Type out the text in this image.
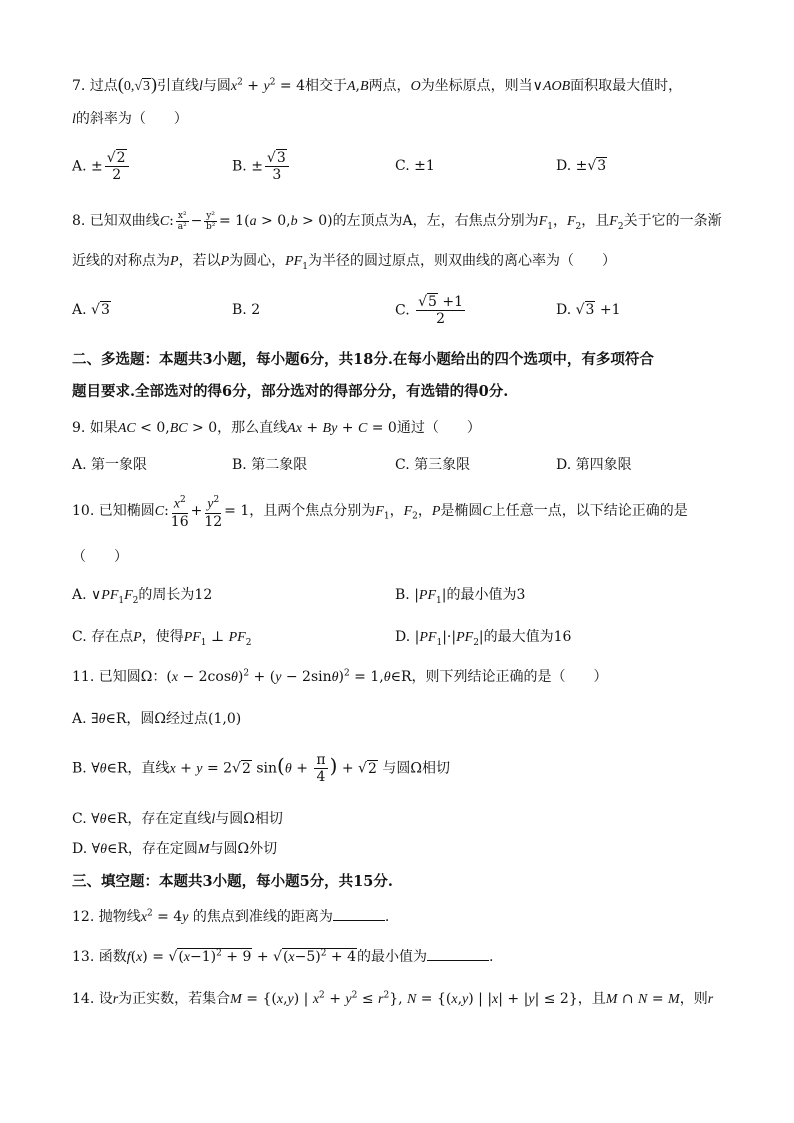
7. 过点(0,√3)引直线l与圆$x^2 + y^2 = 4$相交于A,B两点，O为坐标原点，则当∨AOB面积取最大值时，
l的斜率为（　　）
A. ± $\frac{√2}{2}$	B. ± $\frac{√3}{3}$	C. ±1	D. ±√3
8. 已知双曲线C: $\frac{\text{x²}}{\text{a²}} - \frac{\text{y²}}{\text{b²}} = 1(a > 0,b > 0)$的左顶点为A，左，右焦点分别为$F_1$，$F_2$，且$F_2$关于它的一条渐
近线的对称点为P，若以P为圆心，$PF_1$为半径的圆过原点，则双曲线的离心率为（　　）
A. √3	B. 2	C. $\frac{√5 +1}{2}$	D. √3 +1
二、多选题：本题共3小题，每小题6分，共18分.在每小题给出的四个选项中，有多项符合
题目要求.全部选对的得6分，部分选对的得部分分，有选错的得0分.
9. 如果AC < 0,BC > 0，那么直线Ax + By + C = 0通过（　　）
A. 第一象限	B. 第二象限	C. 第三象限	D. 第四象限
10. 已知椭圆C: $\frac{x^2}{16} + \frac{y^2}{12} = 1$，且两个焦点分别为$F_1$，$F_2$，P是椭圆C上任意一点，以下结论正确的是
（　　）
A. $\vee PF_1F_2$的周长为12	B. $|PF_1|$的最小值为3
C. 存在点P，使得$PF_1$ ⊥ $PF_2$	D. $|PF_1|\cdot|PF_2|$的最大值为16
11. 已知圆Ω：$(x - 2\cos\theta)^2 + (y - 2\sin\theta)^2$ = 1,θ∈R，则下列结论正确的是（　　）
A. ∃θ∈R，圆Ω经过点(1,0)
B. ∀θ∈R，直线x + y = 2√2 $\sin(\theta + \frac{\pi}{4}$ ) + √2 与圆Ω相切
C. ∀θ∈R，存在定直线l与圆Ω相切
D. ∀θ∈R，存在定圆M与圆Ω外切
三、填空题：本题共3小题，每小题5分，共15分.
12. 抛物线$x^2 = 4y$ 的焦点到准线的距离为	.
13. 函数$f(x) = √(x-1)^2 + 9 + √(x-5)^2 + 4$的最小值为	.
14. 设r为正实数，若集合M = {(x,y) | $x^2 + y^2 \le r^2$}, N = {(x,y) | |x| + |y| ≤ 2}，且M ∩ N = M，则r
